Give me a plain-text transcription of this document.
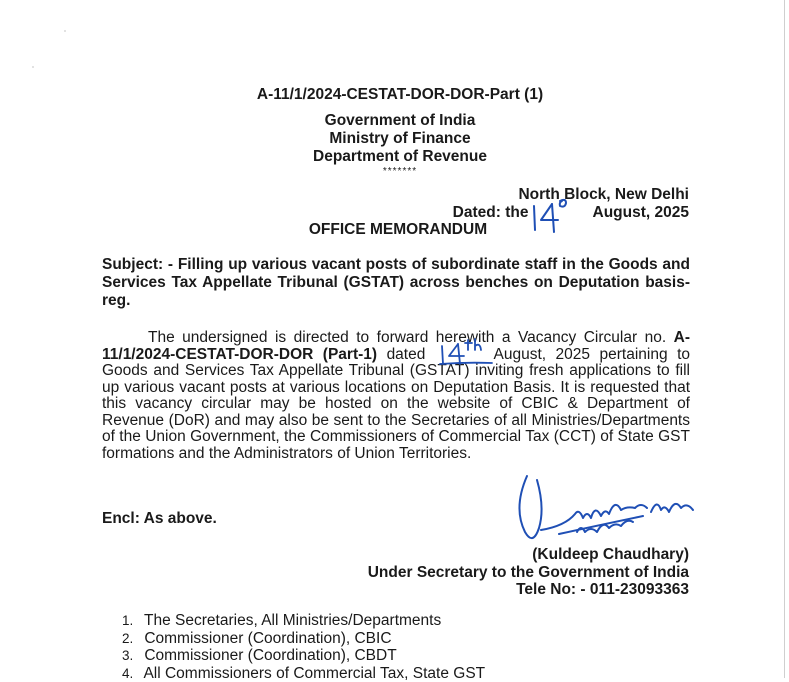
A-11/1/2024-CESTAT-DOR-DOR-Part (1)
Government of India
Ministry of Finance
Department of Revenue
*******
North Block, New Delhi
Dated: the	August, 2025
OFFICE MEMORANDUM
Subject: - Filling up various vacant posts of subordinate staff in the Goods and Services Tax Appellate Tribunal (GSTAT) across benches on Deputation basis-reg.
The undersigned is directed to forward herewith a Vacancy Circular no. A-11/1/2024-CESTAT-DOR-DOR (Part-1) dated	August, 2025 pertaining to Goods and Services Tax Appellate Tribunal (GSTAT) inviting fresh applications to fill up various vacant posts at various locations on Deputation Basis. It is requested that this vacancy circular may be hosted on the website of CBIC & Department of Revenue (DoR) and may also be sent to the Secretaries of all Ministries/Departments of the Union Government, the Commissioners of Commercial Tax (CCT) of State GST formations and the Administrators of Union Territories.
Encl: As above.
(Kuldeep Chaudhary)
Under Secretary to the Government of India
Tele No: - 011-23093363
1. The Secretaries, All Ministries/Departments
2. Commissioner (Coordination), CBIC
3. Commissioner (Coordination), CBDT
4. All Commissioners of Commercial Tax, State GST
